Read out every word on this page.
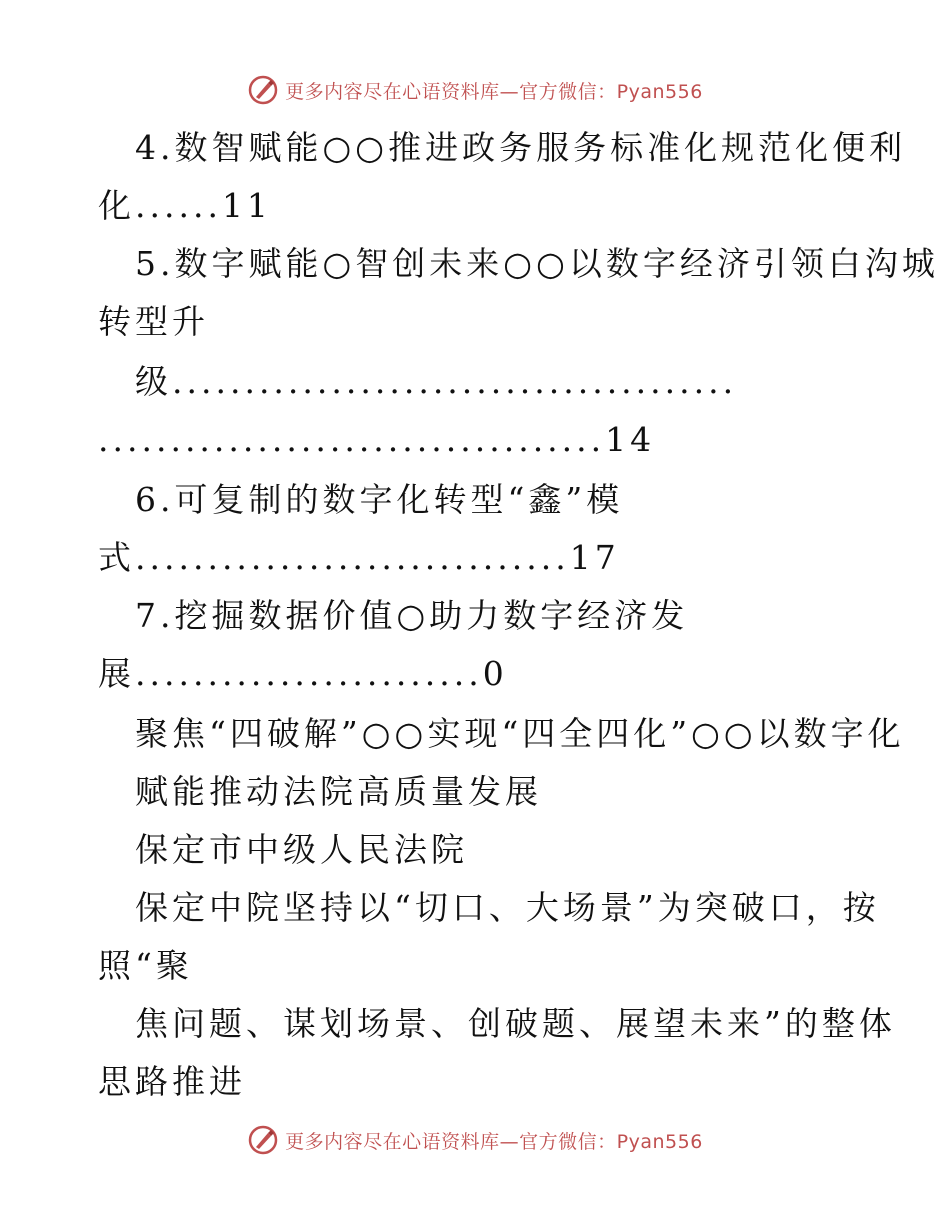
更多内容尽在心语资料库—官方微信：Pyan556
4.数智赋能○○推进政务服务标准化规范化便利
化......11
5.数字赋能○智创未来○○以数字经济引领白沟城
转型升
级.......................................
...................................14
6.可复制的数字化转型“鑫”模
式..............................17
7.挖掘数据价值○助力数字经济发
展........................0
聚焦“四破解”○○实现“四全四化”○○以数字化
赋能推动法院高质量发展
保定市中级人民法院
保定中院坚持以“切口、大场景”为突破口，按
照“聚
焦问题、谋划场景、创破题、展望未来”的整体
思路推进
更多内容尽在心语资料库—官方微信：Pyan556
